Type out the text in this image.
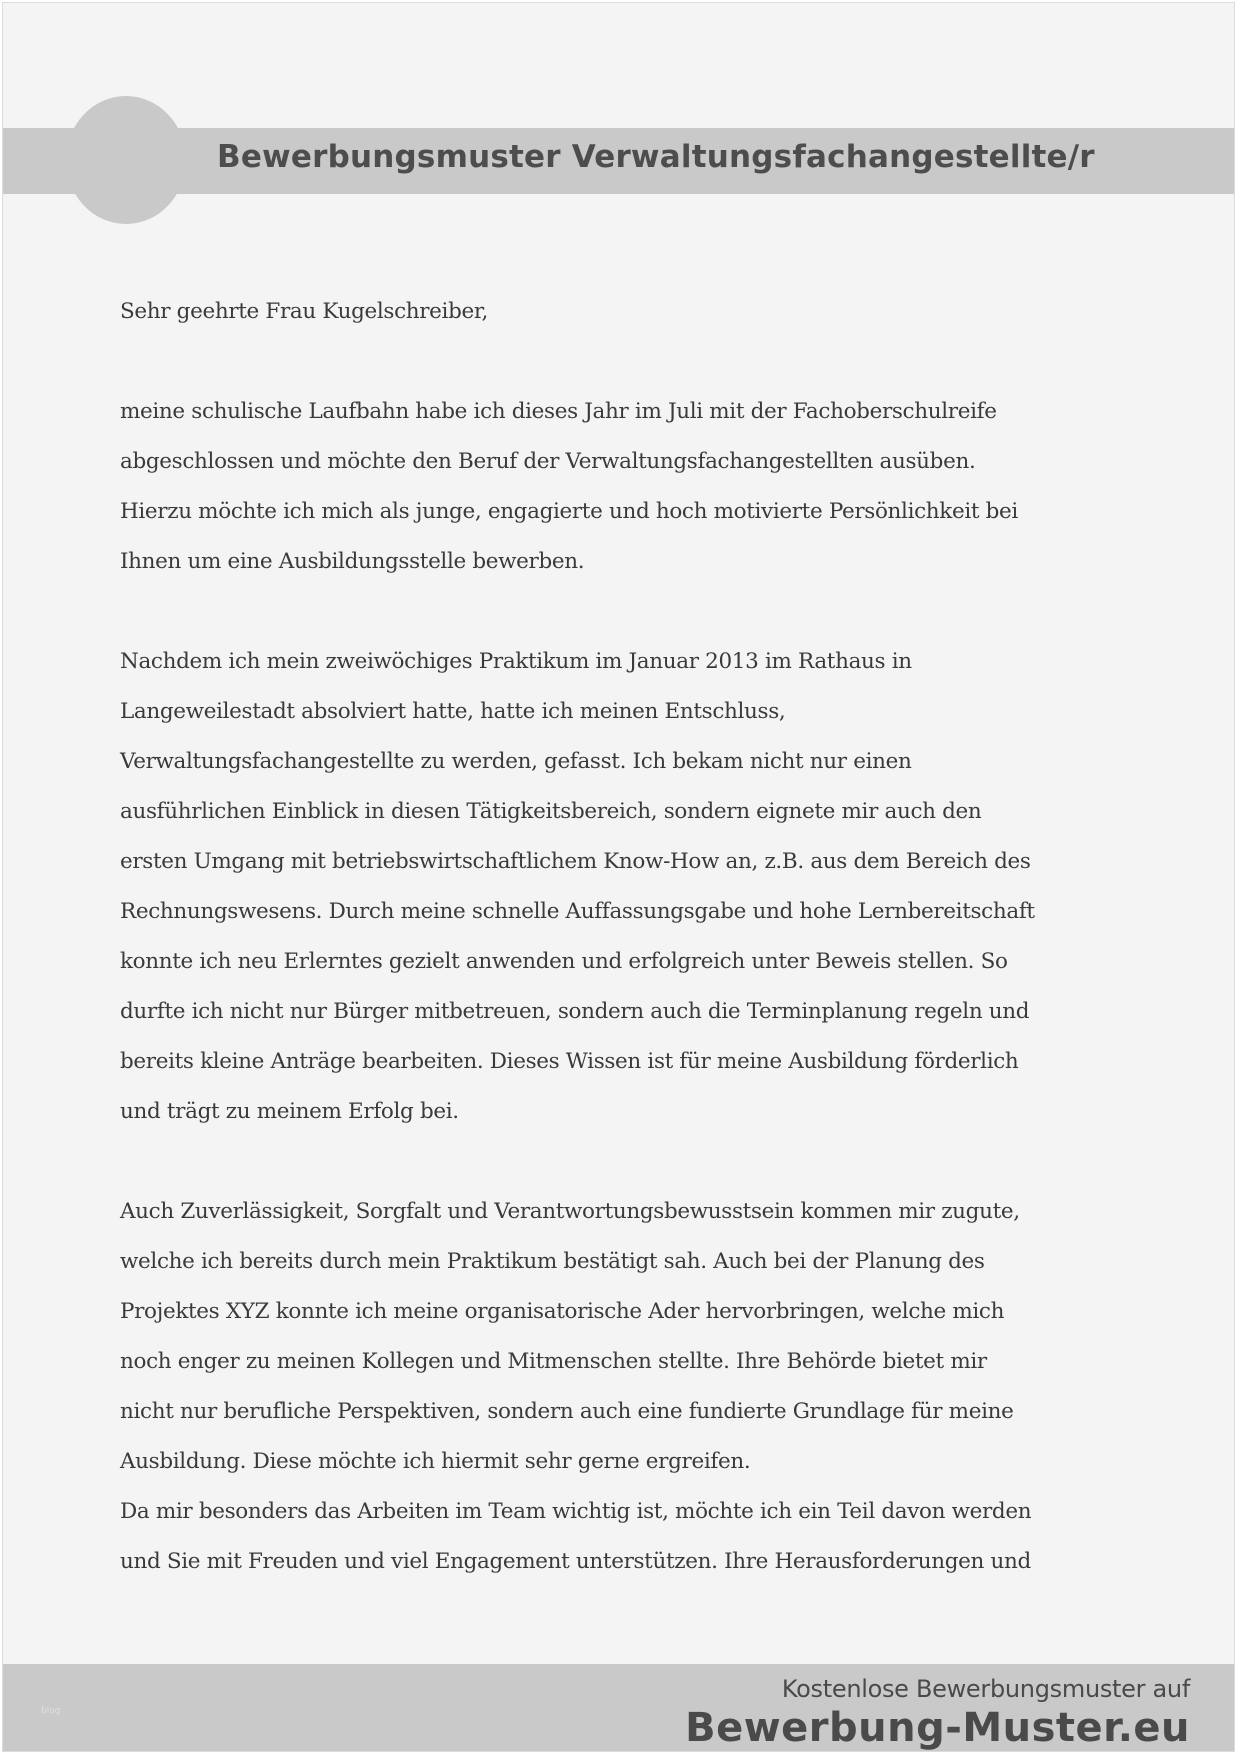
Bewerbungsmuster Verwaltungsfachangestellte/r

Sehr geehrte Frau Kugelschreiber,

meine schulische Laufbahn habe ich dieses Jahr im Juli mit der Fachoberschulreife
abgeschlossen und möchte den Beruf der Verwaltungsfachangestellten ausüben.
Hierzu möchte ich mich als junge, engagierte und hoch motivierte Persönlichkeit bei
Ihnen um eine Ausbildungsstelle bewerben.

Nachdem ich mein zweiwöchiges Praktikum im Januar 2013 im Rathaus in
Langeweilestadt absolviert hatte, hatte ich meinen Entschluss,
Verwaltungsfachangestellte zu werden, gefasst. Ich bekam nicht nur einen
ausführlichen Einblick in diesen Tätigkeitsbereich, sondern eignete mir auch den
ersten Umgang mit betriebswirtschaftlichem Know-How an, z.B. aus dem Bereich des
Rechnungswesens. Durch meine schnelle Auffassungsgabe und hohe Lernbereitschaft
konnte ich neu Erlerntes gezielt anwenden und erfolgreich unter Beweis stellen. So
durfte ich nicht nur Bürger mitbetreuen, sondern auch die Terminplanung regeln und
bereits kleine Anträge bearbeiten. Dieses Wissen ist für meine Ausbildung förderlich
und trägt zu meinem Erfolg bei.

Auch Zuverlässigkeit, Sorgfalt und Verantwortungsbewusstsein kommen mir zugute,
welche ich bereits durch mein Praktikum bestätigt sah. Auch bei der Planung des
Projektes XYZ konnte ich meine organisatorische Ader hervorbringen, welche mich
noch enger zu meinen Kollegen und Mitmenschen stellte. Ihre Behörde bietet mir
nicht nur berufliche Perspektiven, sondern auch eine fundierte Grundlage für meine
Ausbildung. Diese möchte ich hiermit sehr gerne ergreifen.

Da mir besonders das Arbeiten im Team wichtig ist, möchte ich ein Teil davon werden
und Sie mit Freuden und viel Engagement unterstützen. Ihre Herausforderungen und

blog
Kostenlose Bewerbungsmuster auf
Bewerbung-Muster.eu
